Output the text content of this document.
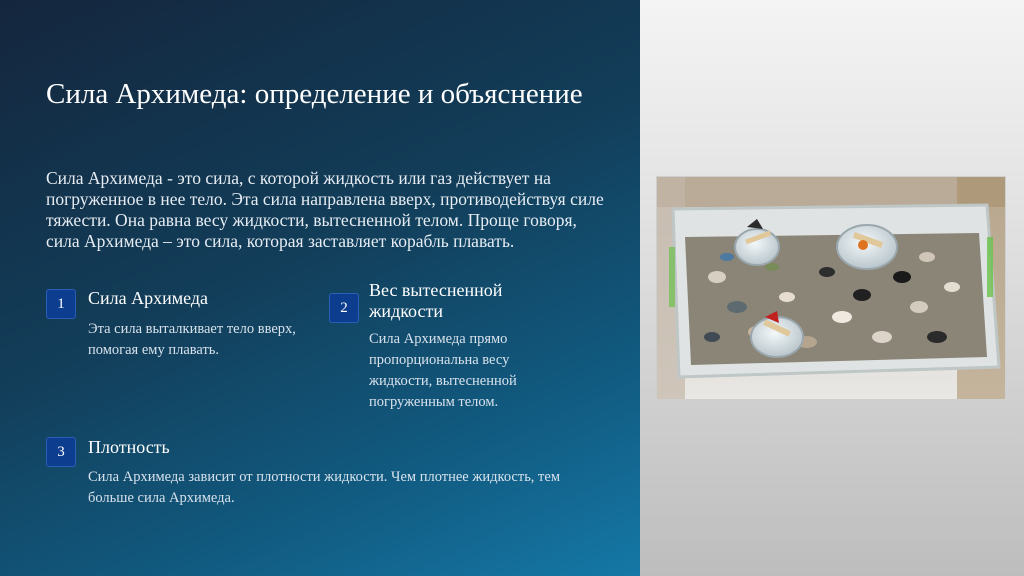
Сила Архимеда: определение и объяснение

Сила Архимеда - это сила, с которой жидкость или газ действует на погруженное в нее тело. Эта сила направлена вверх, противодействуя силе тяжести. Она равна весу жидкости, вытесненной телом. Проще говоря, сила Архимеда – это сила, которая заставляет корабль плавать.

1	Сила Архимеда

Эта сила выталкивает тело вверх, помогая ему плавать.

2
Вес вытесненной жидкости

Сила Архимеда прямо пропорциональна весу жидкости, вытесненной погруженным телом.

3	Плотность

Сила Архимеда зависит от плотности жидкости. Чем плотнее жидкость, тем больше сила Архимеда.
